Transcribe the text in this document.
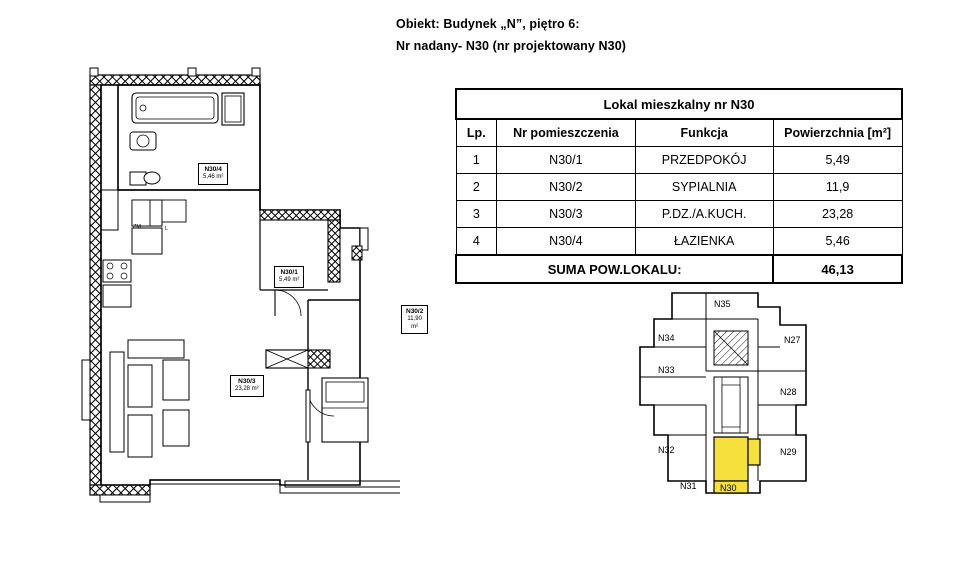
Obiekt: Budynek „N”, piętro 6:
Nr nadany- N30 (nr projektowany N30)
Lokal mieszkalny nr N30			
Lp.	Nr pomieszczenia	Funkcja	Powierzchnia [m²]
1	N30/1	PRZEDPOKÓJ	5,49
2	N30/2	SYPIALNIA	11,9
3	N30/3	P.DZ./A.KUCH.	23,28
4	N30/4	ŁAZIENKA	5,46
SUMA POW.LOKALU:			46,13
N30/4
5,46 m²
N30/1
5,49 m²
N30/2
11,90 m²
N30/3
23,28 m²
ZM	L
N35
N34
N33
N32
N31	N30
N29
N28
N27
